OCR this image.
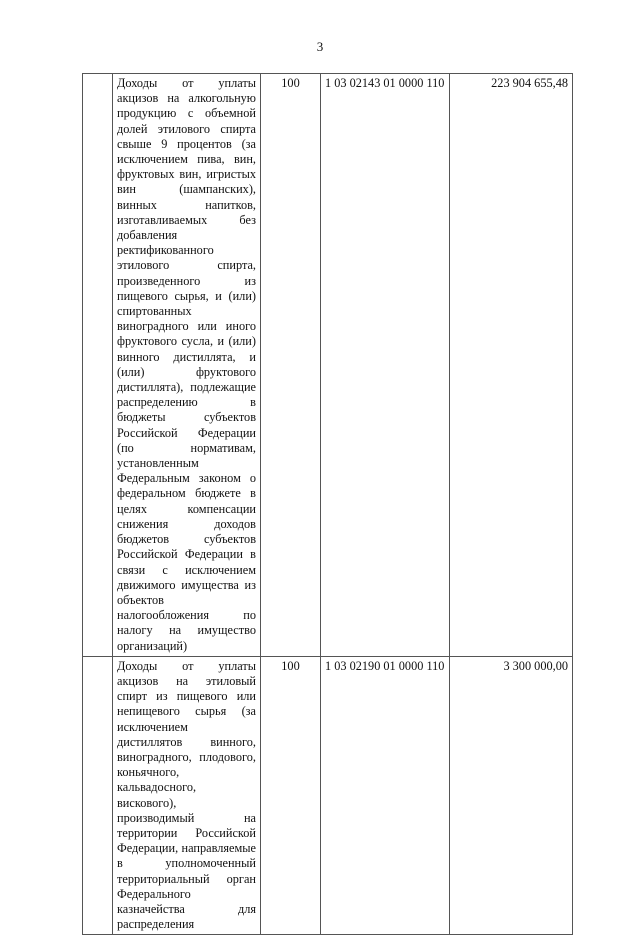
3
	Доходы от уплаты акцизов на алкогольную продукцию с объемной долей этилового спирта свыше 9 процентов (за исключением пива, вин, фруктовых вин, игристых вин (шампанских), винных напитков, изготавливаемых без добавления ректификованного этилового спирта, произведенного из пищевого сырья, и (или) спиртованных виноградного или иного фруктового сусла, и (или) винного дистиллята, и (или) фруктового дистиллята), подлежащие распределению в бюджеты субъектов Российской Федерации (по нормативам, установленным Федеральным законом о федеральном бюджете в целях компенсации снижения доходов бюджетов субъектов Российской Федерации в связи с исключением движимого имущества из объектов налогообложения по налогу на имущество организаций)	100	1 03 02143 01 0000 110	223 904 655,48
	Доходы от уплаты акцизов на этиловый спирт из пищевого или непищевого сырья (за исключением дистиллятов винного, виноградного, плодового, коньячного, кальвадосного, вискового), производимый на территории Российской Федерации, направляемые в уполномоченный территориальный орган Федерального казначейства для распределения	100	1 03 02190 01 0000 110	3 300 000,00
